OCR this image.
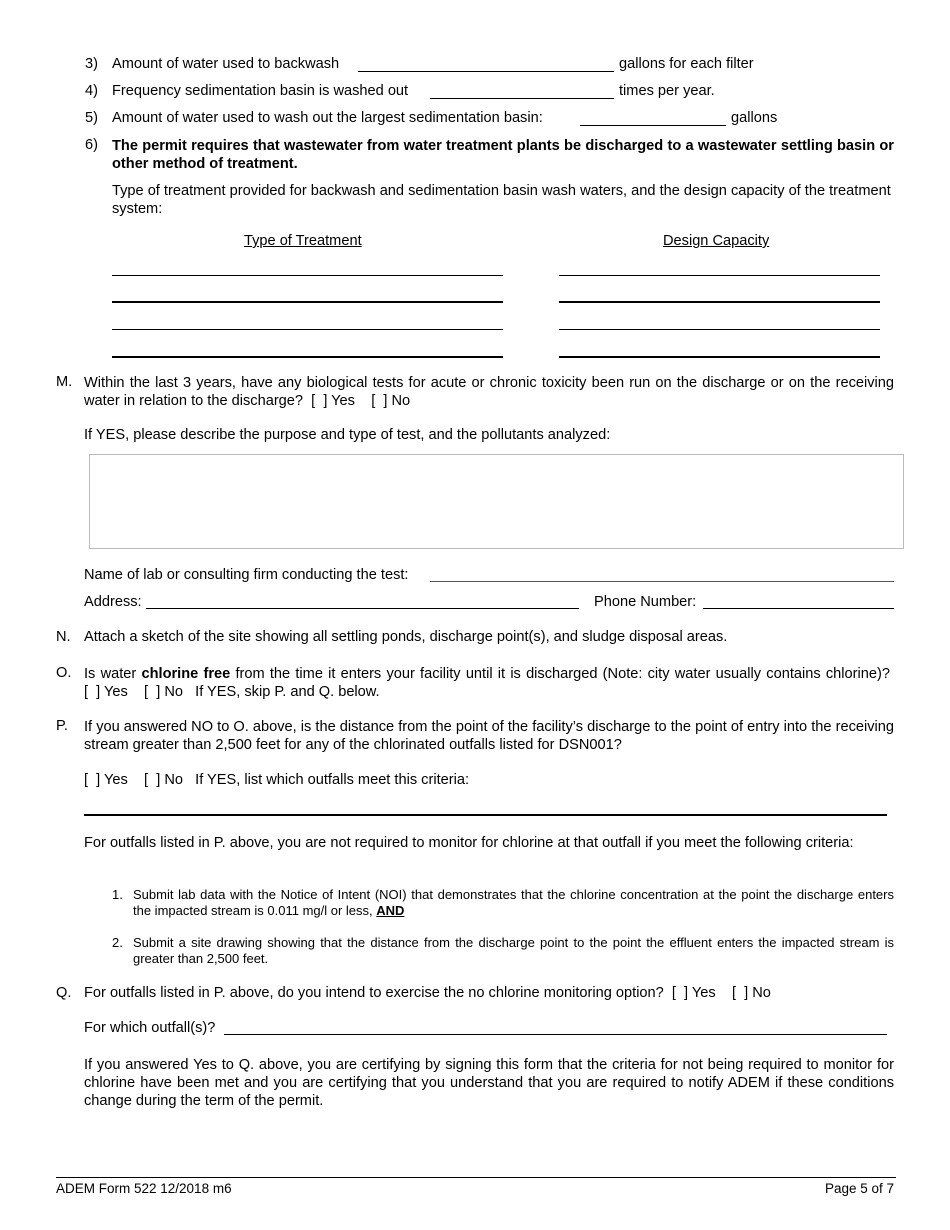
3) Amount of water used to backwash	gallons for each filter
4) Frequency sedimentation basin is washed out	times per year.
5) Amount of water used to wash out the largest sedimentation basin:	gallons
6) The permit requires that wastewater from water treatment plants be discharged to a wastewater settling basin or other method of treatment.
Type of treatment provided for backwash and sedimentation basin wash waters, and the design capacity of the treatment system:
Type of Treatment	Design Capacity
M. Within the last 3 years, have any biological tests for acute or chronic toxicity been run on the discharge or on the receiving water in relation to the discharge? [  ] Yes [  ] No
If YES, please describe the purpose and type of test, and the pollutants analyzed:
Name of lab or consulting firm conducting the test:
Address:	Phone Number:
N. Attach a sketch of the site showing all settling ponds, discharge point(s), and sludge disposal areas.
O. Is water chlorine free from the time it enters your facility until it is discharged (Note: city water usually contains chlorine)?  [  ] Yes [  ] No If YES, skip P. and Q. below.
P. If you answered NO to O. above, is the distance from the point of the facility’s discharge to the point of entry into the receiving stream greater than 2,500 feet for any of the chlorinated outfalls listed for DSN001?
[  ] Yes [  ] No If YES, list which outfalls meet this criteria:
For outfalls listed in P. above, you are not required to monitor for chlorine at that outfall if you meet the following criteria:
1. Submit lab data with the Notice of Intent (NOI) that demonstrates that the chlorine concentration at the point the discharge enters the impacted stream is 0.011 mg/l or less, AND
2. Submit a site drawing showing that the distance from the discharge point to the point the effluent enters the impacted stream is greater than 2,500 feet.
Q. For outfalls listed in P. above, do you intend to exercise the no chlorine monitoring option? [  ] Yes [  ] No
For which outfall(s)?
If you answered Yes to Q. above, you are certifying by signing this form that the criteria for not being required to monitor for chlorine have been met and you are certifying that you understand that you are required to notify ADEM if these conditions change during the term of the permit.
ADEM Form 522 12/2018 m6	Page 5 of 7
